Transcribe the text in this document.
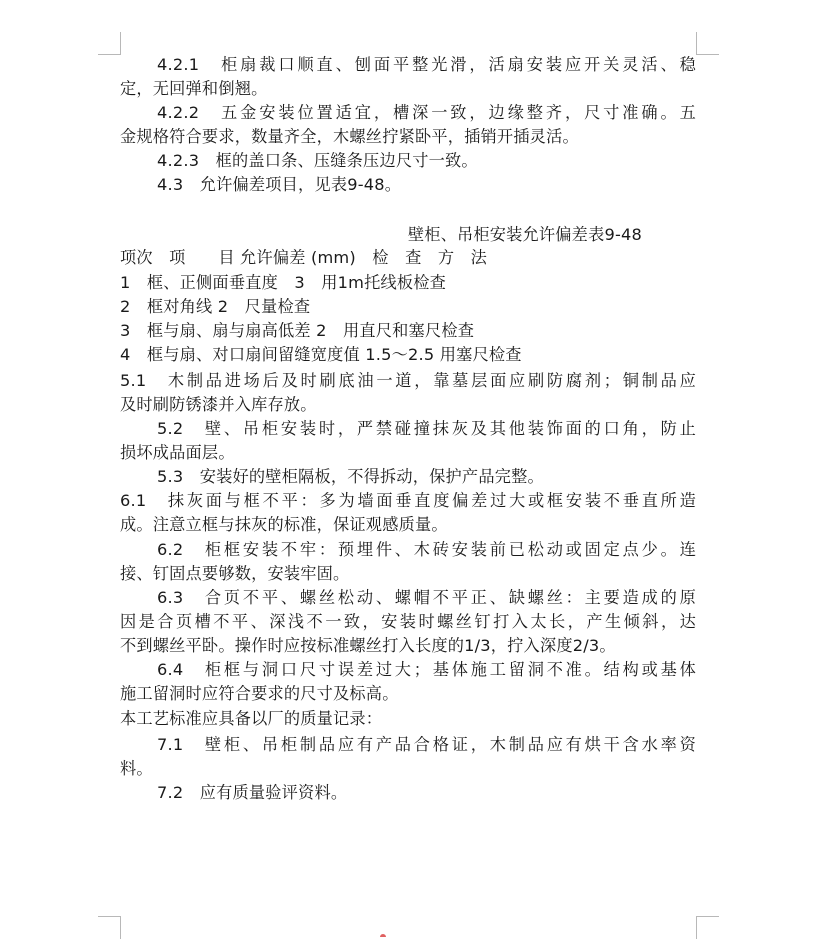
4.2.1　柜扇裁口顺直、刨面平整光滑，活扇安装应开关灵活、稳
定，无回弹和倒翘。
4.2.2　五金安装位置适宜，槽深一致，边缘整齐，尺寸准确。五
金规格符合要求，数量齐全，木螺丝拧紧卧平，插销开插灵活。
4.2.3　框的盖口条、压缝条压边尺寸一致。
4.3　允许偏差项目，见表9-48。
壁柜、吊柜安装允许偏差表9-48
项次　项　　目 允许偏差 (mm)　检　查　方　法
1　框、正侧面垂直度　3　用1m托线板检查
2　框对角线 2　尺量检查
3　框与扇、扇与扇高低差 2　用直尺和塞尺检查
4　框与扇、对口扇间留缝宽度值 1.5～2.5 用塞尺检查
5.1　木制品进场后及时刷底油一道，靠墓层面应刷防腐剂；铜制品应
及时刷防锈漆并入库存放。
5.2　壁、吊柜安装时，严禁碰撞抹灰及其他装饰面的口角，防止
损坏成品面层。
5.3　安装好的壁柜隔板，不得拆动，保护产品完整。
6.1　抹灰面与框不平：多为墙面垂直度偏差过大或框安装不垂直所造
成。注意立框与抹灰的标准，保证观感质量。
6.2　柜框安装不牢：预埋件、木砖安装前已松动或固定点少。连
接、钉固点要够数，安装牢固。
6.3　合页不平、螺丝松动、螺帽不平正、缺螺丝：主要造成的原
因是合页槽不平、深浅不一致，安装时螺丝钉打入太长，产生倾斜，达
不到螺丝平卧。操作时应按标准螺丝打入长度的1/3，拧入深度2/3。
6.4　柜框与洞口尺寸误差过大；基体施工留洞不准。结构或基体
施工留洞时应符合要求的尺寸及标高。
本工艺标准应具备以厂的质量记录：
7.1　壁柜、吊柜制品应有产品合格证，木制品应有烘干含水率资
料。
7.2　应有质量验评资料。
